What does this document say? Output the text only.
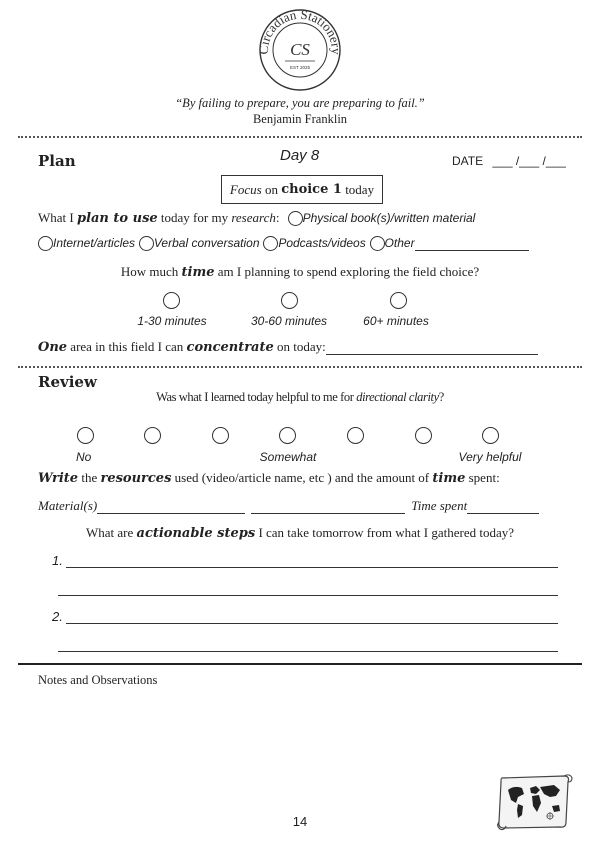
Circadian Stationery
CS
EST 2025
“By failing to prepare, you are preparing to fail.”
Benjamin Franklin
Plan	Day 8	DATE ___ /___ /___
Focus on choice 1 today
What I plan to use today for my research: Physical book(s)/written material
Internet/articles Verbal conversation Podcasts/videos Other
How much time am I planning to spend exploring the field choice?
1-30 minutes	30-60 minutes	60+ minutes
One area in this field I can concentrate on today:
Review
Was what I learned today helpful to me for directional clarity?
No	Somewhat	Very helpful
Write the resources used (video/article name, etc ) and the amount of time spent:
Material(s)	Time spent
What are actionable steps I can take tomorrow from what I gathered today?
1.
2.
Notes and Observations
14
